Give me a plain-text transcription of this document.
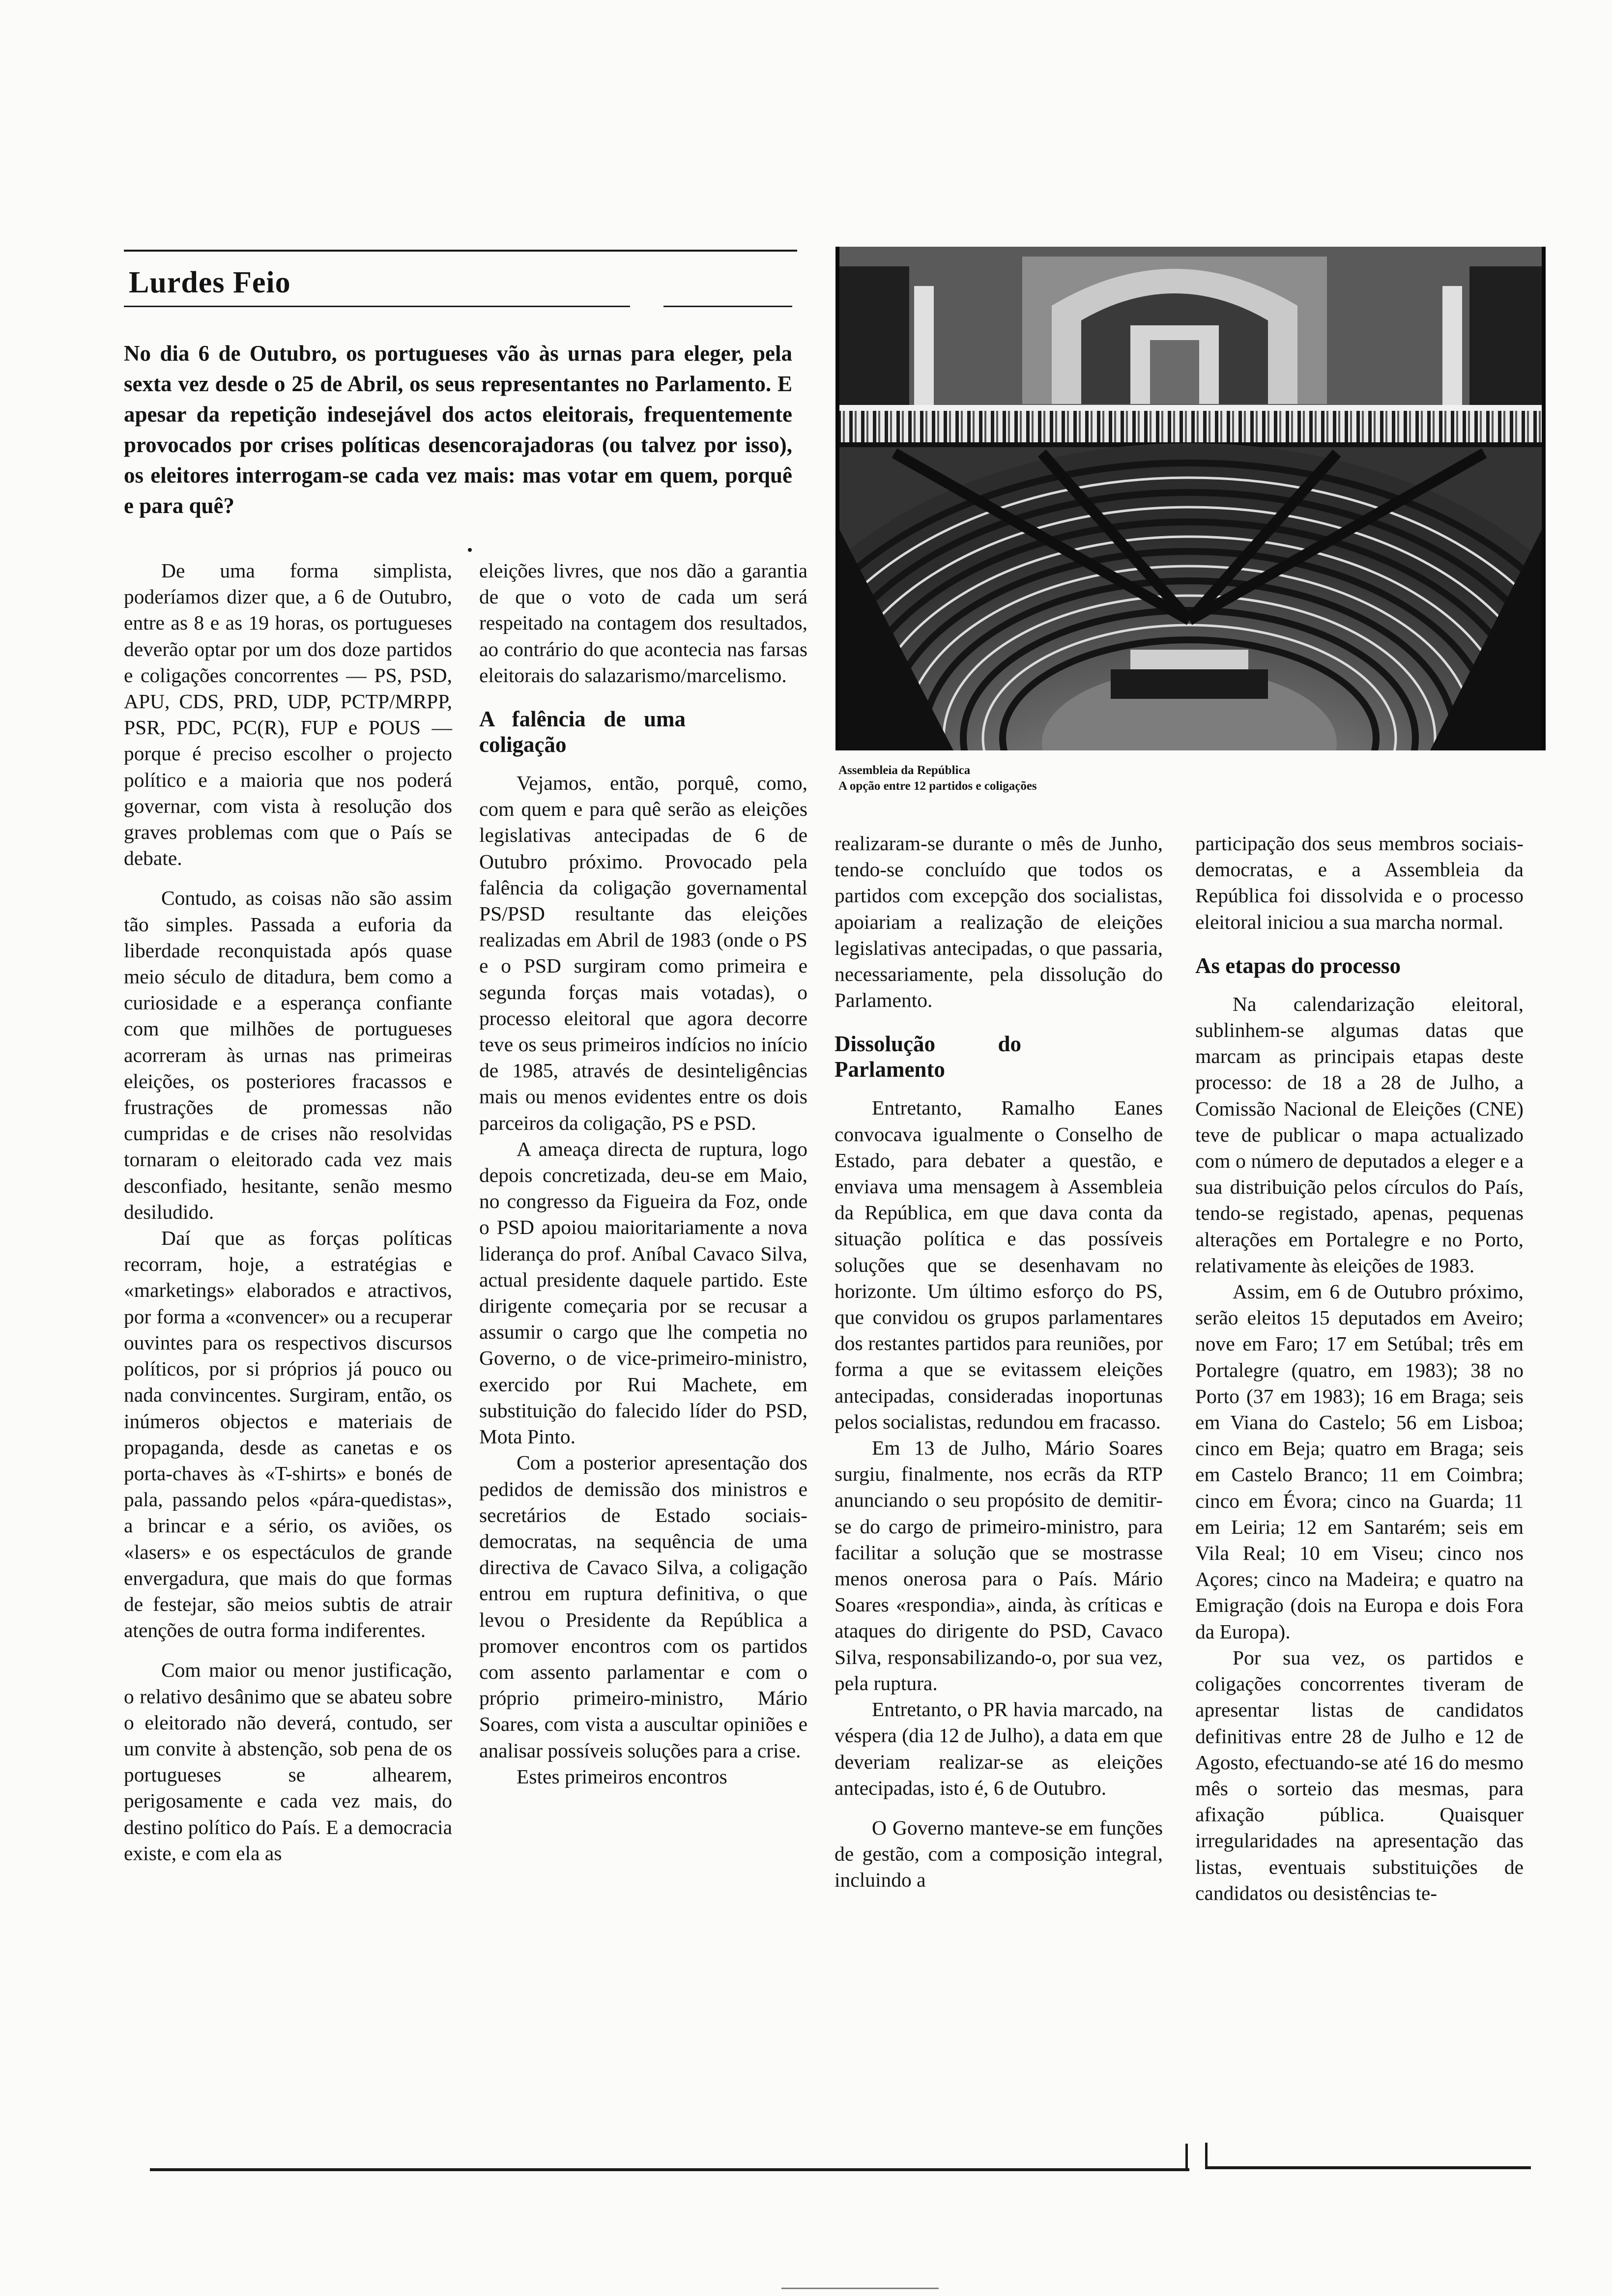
Lurdes Feio
No dia 6 de Outubro, os portugueses vão às urnas para eleger, pela sexta vez desde o 25 de Abril, os seus representantes no Parlamento. E apesar da repetição indesejável dos actos eleitorais, frequentemente provocados por crises políticas desencorajadoras (ou talvez por isso), os eleitores interrogam-se cada vez mais: mas votar em quem, porquê e para quê?
Assembleia da República
A opção entre 12 partidos e coligações

De uma forma simplista, poderíamos dizer que, a 6 de Outubro, entre as 8 e as 19 horas, os portugueses deverão optar por um dos doze partidos e coligações concorrentes — PS, PSD, APU, CDS, PRD, UDP, PCTP/MRPP, PSR, PDC, PC(R), FUP e POUS — porque é preciso escolher o projecto político e a maioria que nos poderá governar, com vista à resolução dos graves problemas com que o País se debate.

Contudo, as coisas não são assim tão simples. Passada a euforia da liberdade reconquistada após quase meio século de ditadura, bem como a curiosidade e a esperança confiante com que milhões de portugueses acorreram às urnas nas primeiras eleições, os posteriores fracassos e frustrações de promessas não cumpridas e de crises não resolvidas tornaram o eleitorado cada vez mais desconfiado, hesitante, senão mesmo desiludido.

Daí que as forças políticas recorram, hoje, a estratégias e «marketings» elaborados e atractivos, por forma a «convencer» ou a recuperar ouvintes para os respectivos discursos políticos, por si próprios já pouco ou nada convincentes. Surgiram, então, os inúmeros objectos e materiais de propaganda, desde as canetas e os porta-chaves às «T-shirts» e bonés de pala, passando pelos «pára-quedistas», a brincar e a sério, os aviões, os «lasers» e os espectáculos de grande envergadura, que mais do que formas de festejar, são meios subtis de atrair atenções de outra forma indiferentes.

Com maior ou menor justificação, o relativo desânimo que se abateu sobre o eleitorado não deverá, contudo, ser um convite à abstenção, sob pena de os portugueses se alhearem, perigosamente e cada vez mais, do destino político do País. E a democracia existe, e com ela as

eleições livres, que nos dão a garantia de que o voto de cada um será respeitado na contagem dos resultados, ao contrário do que acontecia nas farsas eleitorais do salazarismo/marcelismo.

A falência de uma coligação

Vejamos, então, porquê, como, com quem e para quê serão as eleições legislativas antecipadas de 6 de Outubro próximo. Provocado pela falência da coligação governamental PS/PSD resultante das eleições realizadas em Abril de 1983 (onde o PS e o PSD surgiram como primeira e segunda forças mais votadas), o processo eleitoral que agora decorre teve os seus primeiros indícios no início de 1985, através de desinteligências mais ou menos evidentes entre os dois parceiros da coligação, PS e PSD.

A ameaça directa de ruptura, logo depois concretizada, deu-se em Maio, no congresso da Figueira da Foz, onde o PSD apoiou maioritariamente a nova liderança do prof. Aníbal Cavaco Silva, actual presidente daquele partido. Este dirigente começaria por se recusar a assumir o cargo que lhe competia no Governo, o de vice-primeiro-ministro, exercido por Rui Machete, em substituição do falecido líder do PSD, Mota Pinto.

Com a posterior apresentação dos pedidos de demissão dos ministros e secretários de Estado sociais-democratas, na sequência de uma directiva de Cavaco Silva, a coligação entrou em ruptura definitiva, o que levou o Presidente da República a promover encontros com os partidos com assento parlamentar e com o próprio primeiro-ministro, Mário Soares, com vista a auscultar opiniões e analisar possíveis soluções para a crise.

Estes primeiros encontros

realizaram-se durante o mês de Junho, tendo-se concluído que todos os partidos com excepção dos socialistas, apoiariam a realização de eleições legislativas antecipadas, o que passaria, necessariamente, pela dissolução do Parlamento.

Dissolução do Parlamento

Entretanto, Ramalho Eanes convocava igualmente o Conselho de Estado, para debater a questão, e enviava uma mensagem à Assembleia da República, em que dava conta da situação política e das possíveis soluções que se desenhavam no horizonte. Um último esforço do PS, que convidou os grupos parlamentares dos restantes partidos para reuniões, por forma a que se evitassem eleições antecipadas, consideradas inoportunas pelos socialistas, redundou em fracasso.

Em 13 de Julho, Mário Soares surgiu, finalmente, nos ecrãs da RTP anunciando o seu propósito de demitir-se do cargo de primeiro-ministro, para facilitar a solução que se mostrasse menos onerosa para o País. Mário Soares «respondia», ainda, às críticas e ataques do dirigente do PSD, Cavaco Silva, responsabilizando-o, por sua vez, pela ruptura.

Entretanto, o PR havia marcado, na véspera (dia 12 de Julho), a data em que deveriam realizar-se as eleições antecipadas, isto é, 6 de Outubro.

O Governo manteve-se em funções de gestão, com a composição integral, incluindo a

participação dos seus membros sociais-democratas, e a Assembleia da República foi dissolvida e o processo eleitoral iniciou a sua marcha normal.

As etapas do processo

Na calendarização eleitoral, sublinhem-se algumas datas que marcam as principais etapas deste processo: de 18 a 28 de Julho, a Comissão Nacional de Eleições (CNE) teve de publicar o mapa actualizado com o número de deputados a eleger e a sua distribuição pelos círculos do País, tendo-se registado, apenas, pequenas alterações em Portalegre e no Porto, relativamente às eleições de 1983.

Assim, em 6 de Outubro próximo, serão eleitos 15 deputados em Aveiro; nove em Faro; 17 em Setúbal; três em Portalegre (quatro, em 1983); 38 no Porto (37 em 1983); 16 em Braga; seis em Viana do Castelo; 56 em Lisboa; cinco em Beja; quatro em Braga; seis em Castelo Branco; 11 em Coimbra; cinco em Évora; cinco na Guarda; 11 em Leiria; 12 em Santarém; seis em Vila Real; 10 em Viseu; cinco nos Açores; cinco na Madeira; e quatro na Emigração (dois na Europa e dois Fora da Europa).

Por sua vez, os partidos e coligações concorrentes tiveram de apresentar listas de candidatos definitivas entre 28 de Julho e 12 de Agosto, efectuando-se até 16 do mesmo mês o sorteio das mesmas, para afixação pública. Quaisquer irregularidades na apresentação das listas, eventuais substituições de candidatos ou desistências te-
